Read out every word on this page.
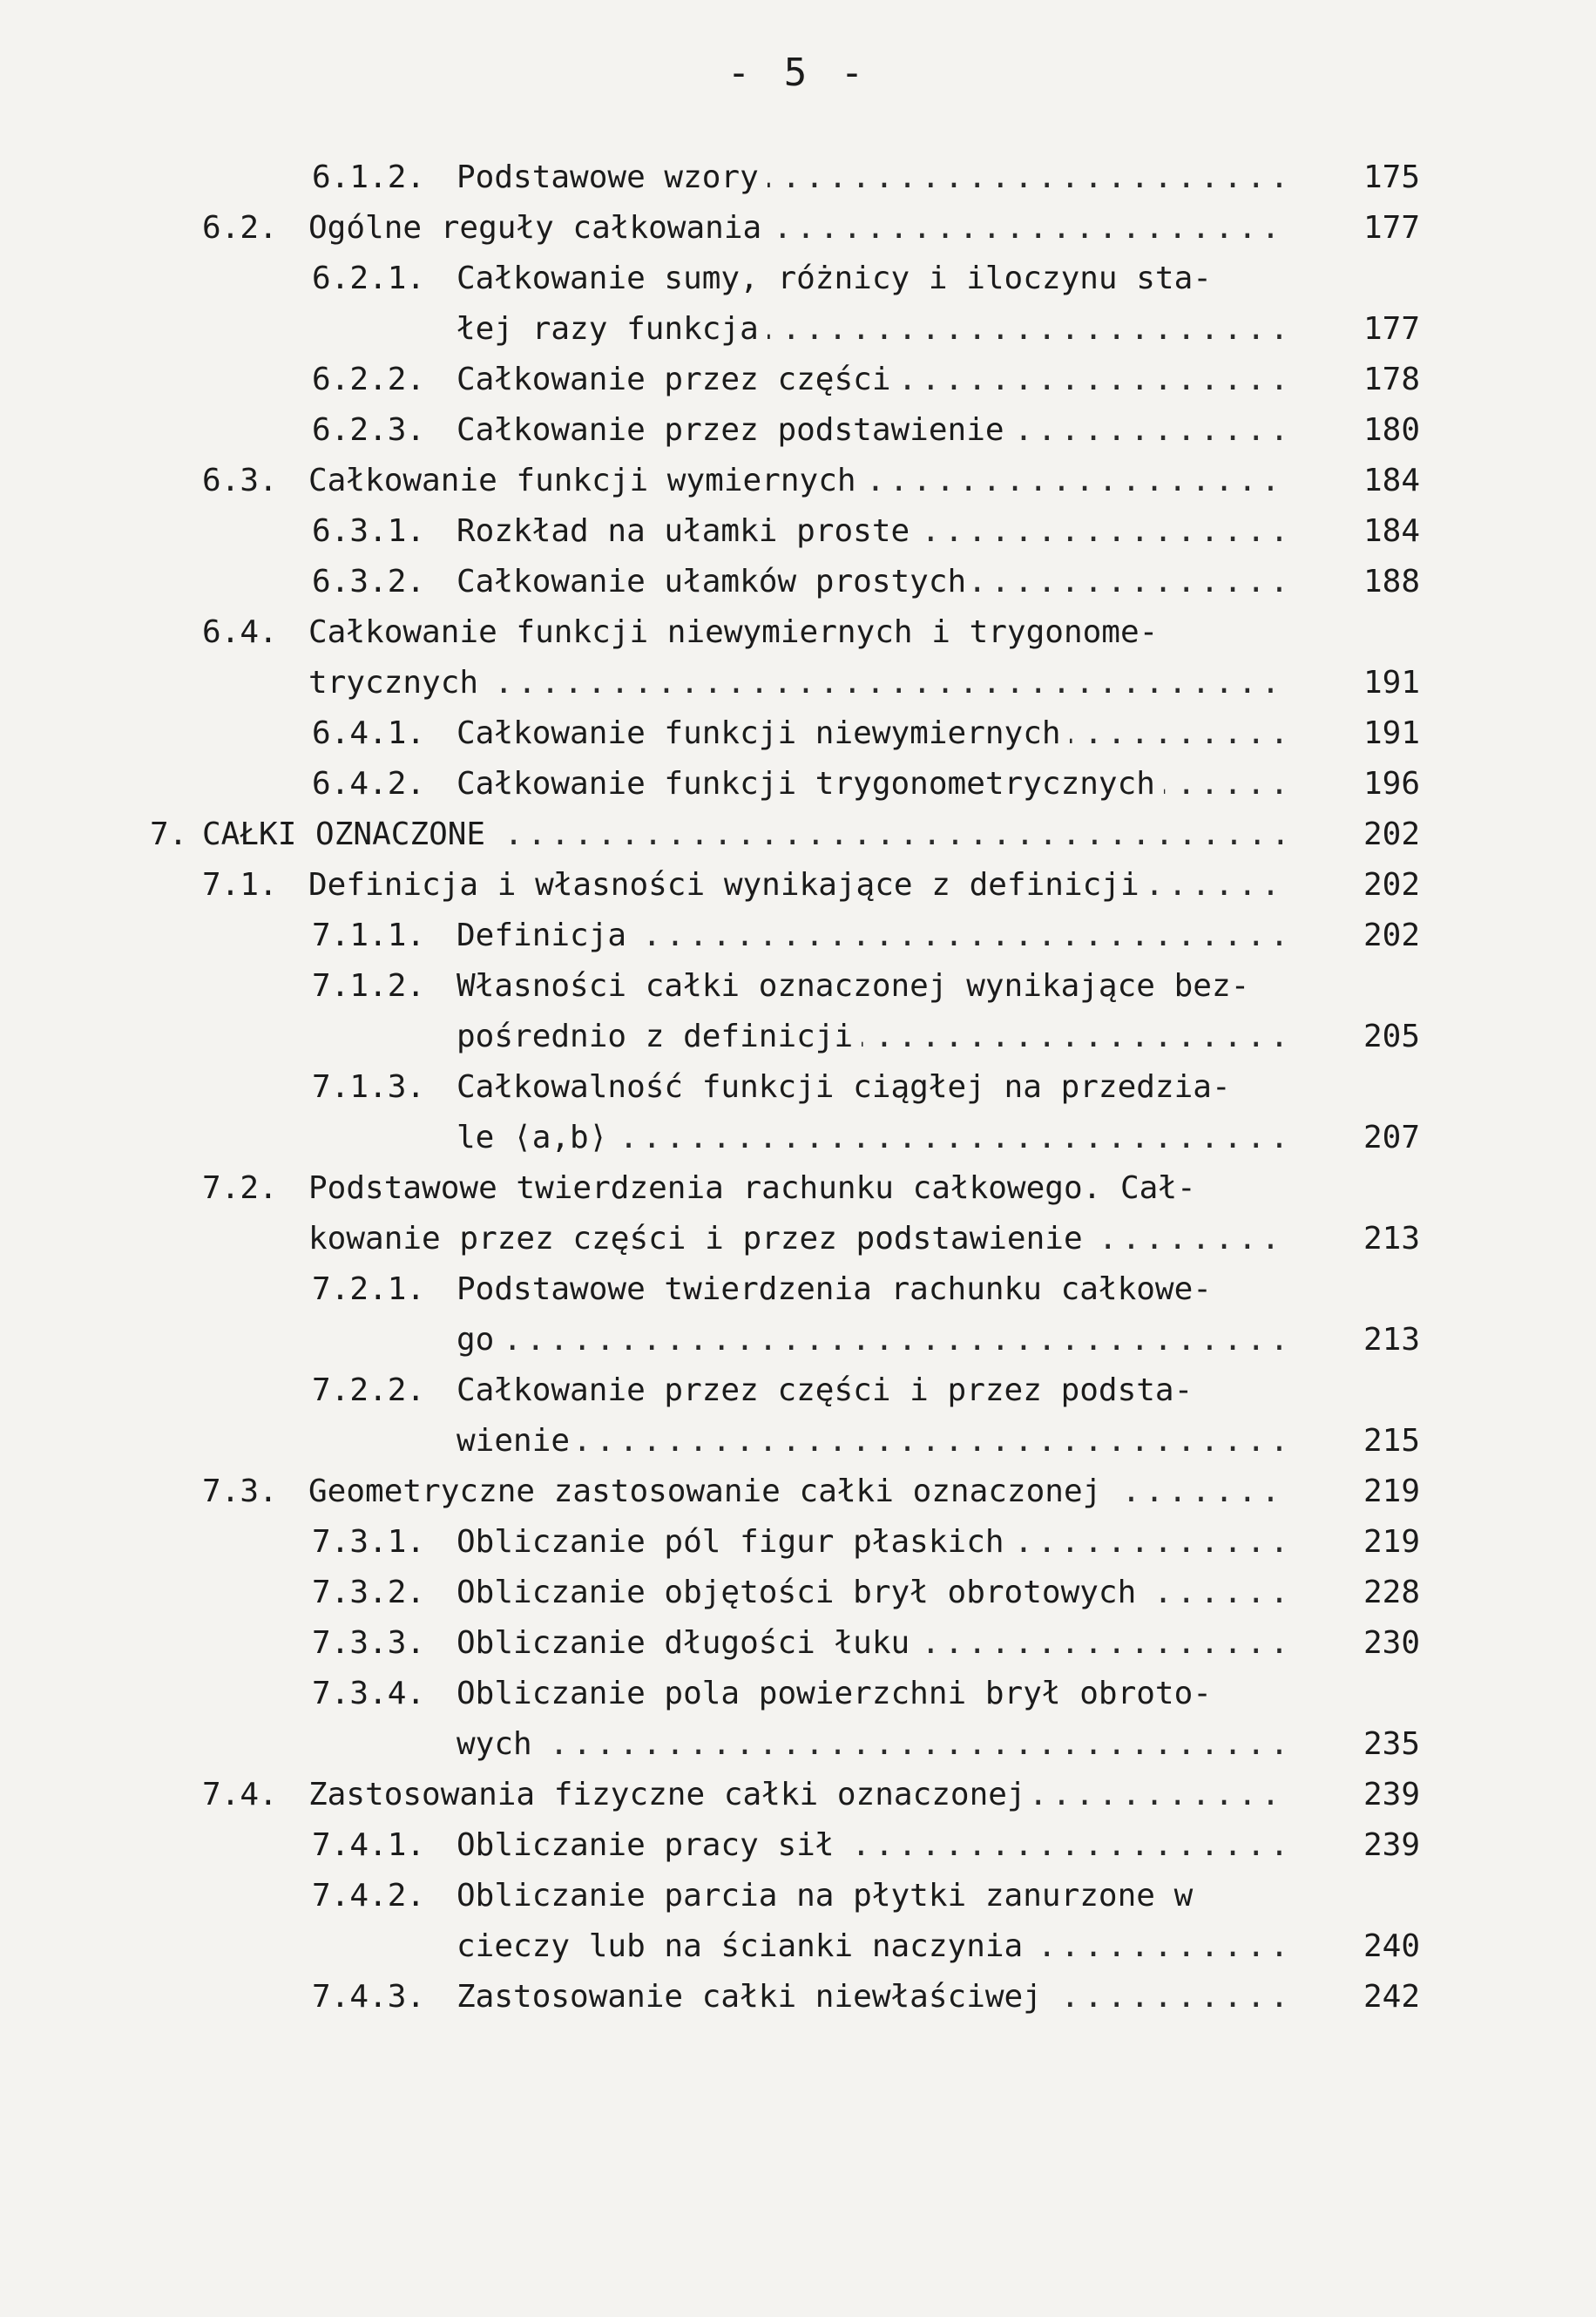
- 5 -
6.1.2. Podstawowe wzory .....	175
6.2. Ogólne reguły całkowania .....	177
6.2.1. Całkowanie sumy, różnicy i iloczynu sta-
łej razy funkcja .....	177
6.2.2. Całkowanie przez części .....	178
6.2.3. Całkowanie przez podstawienie .....	180
6.3. Całkowanie funkcji wymiernych .....	184
6.3.1. Rozkład na ułamki proste .....	184
6.3.2. Całkowanie ułamków prostych .....	188
6.4. Całkowanie funkcji niewymiernych i trygonome-
trycznych .....	191
6.4.1. Całkowanie funkcji niewymiernych .....	191
6.4.2. Całkowanie funkcji trygonometrycznych .....	196
7. CAŁKI OZNACZONE .....	202
7.1. Definicja i własności wynikające z definicji .....	202
7.1.1. Definicja .....	202
7.1.2. Własności całki oznaczonej wynikające bez-
pośrednio z definicji .....	205
7.1.3. Całkowalność funkcji ciągłej na przedzia-
le ⟨a,b⟩ .....	207
7.2. Podstawowe twierdzenia rachunku całkowego. Cał-
kowanie przez części i przez podstawienie .....	213
7.2.1. Podstawowe twierdzenia rachunku całkowe-
go .....	213
7.2.2. Całkowanie przez części i przez podsta-
wienie .....	215
7.3. Geometryczne zastosowanie całki oznaczonej .....	219
7.3.1. Obliczanie pól figur płaskich .....	219
7.3.2. Obliczanie objętości brył obrotowych .....	228
7.3.3. Obliczanie długości łuku .....	230
7.3.4. Obliczanie pola powierzchni brył obroto-
wych .....	235
7.4. Zastosowania fizyczne całki oznaczonej .....	239
7.4.1. Obliczanie pracy sił .....	239
7.4.2. Obliczanie parcia na płytki zanurzone w
cieczy lub na ścianki naczynia .....	240
7.4.3. Zastosowanie całki niewłaściwej .....	242
